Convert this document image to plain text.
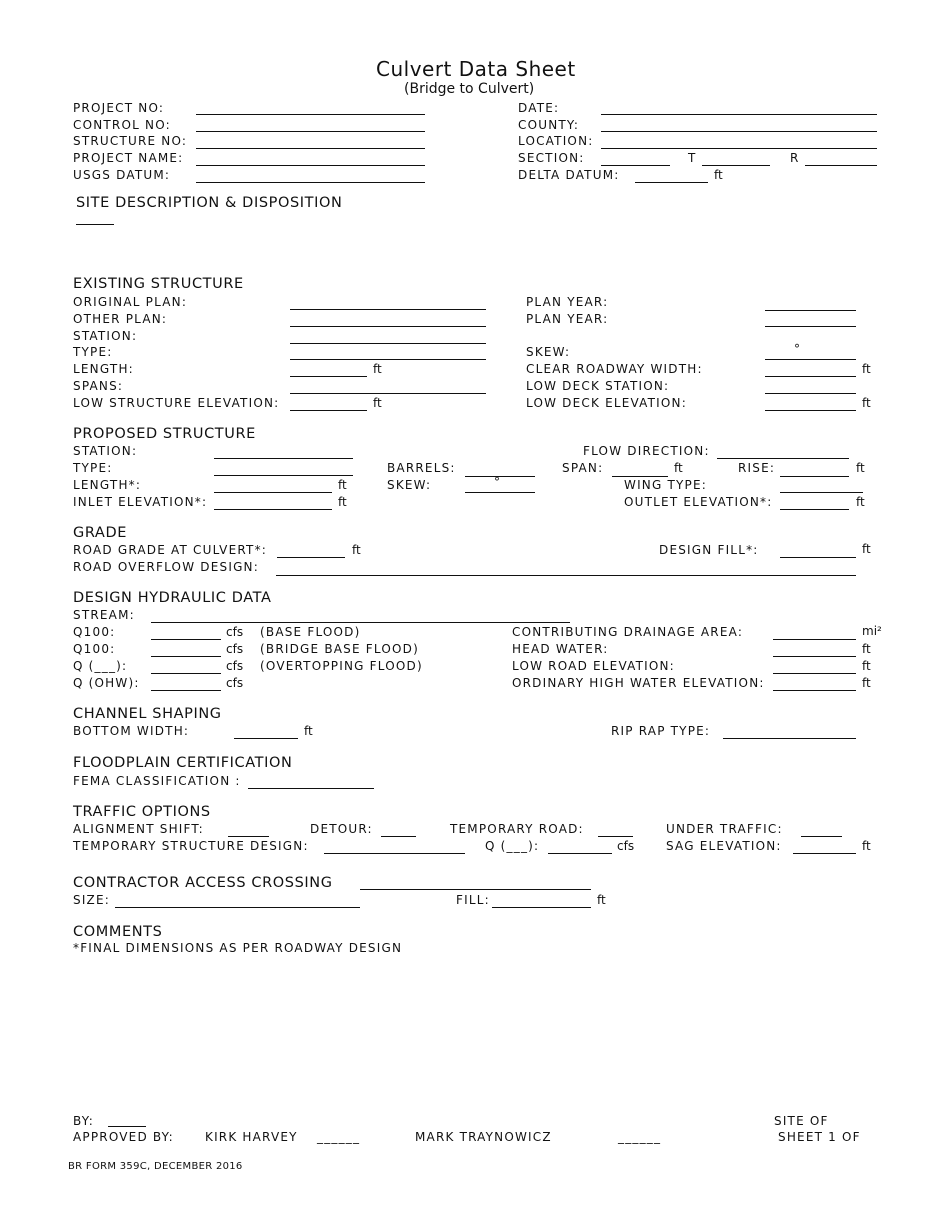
Culvert Data Sheet
(Bridge to Culvert)
PROJECT NO:
CONTROL NO:
STRUCTURE NO:
PROJECT NAME:
USGS DATUM:
DATE:
COUNTY:
LOCATION:
SECTION:	T	R
DELTA DATUM:	ft
SITE DESCRIPTION & DISPOSITION
EXISTING STRUCTURE
ORIGINAL PLAN:
OTHER PLAN:
STATION:
TYPE:
LENGTH:	ft
SPANS:
LOW STRUCTURE ELEVATION:	ft
PLAN YEAR:
PLAN YEAR:
SKEW:	°
CLEAR ROADWAY WIDTH:	ft
LOW DECK STATION:
LOW DECK ELEVATION:	ft
PROPOSED STRUCTURE
STATION:
TYPE:
LENGTH*:	ft
INLET ELEVATION*:	ft
BARRELS:
SKEW:	°
FLOW DIRECTION:
SPAN:	ft	RISE:	ft
WING TYPE:
OUTLET ELEVATION*:	ft
GRADE
ROAD GRADE AT CULVERT*:	ft
ROAD OVERFLOW DESIGN:
DESIGN FILL*:	ft
DESIGN HYDRAULIC DATA
STREAM:
Q100:	cfs (BASE FLOOD)
Q100:	cfs (BRIDGE BASE FLOOD)
Q (___):	cfs (OVERTOPPING FLOOD)
Q (OHW):	cfs
CONTRIBUTING DRAINAGE AREA:	mi²
HEAD WATER:	ft
LOW ROAD ELEVATION:	ft
ORDINARY HIGH WATER ELEVATION:	ft
CHANNEL SHAPING
BOTTOM WIDTH:	ft	RIP RAP TYPE:
FLOODPLAIN CERTIFICATION
FEMA CLASSIFICATION :
TRAFFIC OPTIONS
ALIGNMENT SHIFT:	DETOUR:	TEMPORARY ROAD:	UNDER TRAFFIC:
TEMPORARY STRUCTURE DESIGN:	Q (___):	cfs	SAG ELEVATION:	ft
CONTRACTOR ACCESS CROSSING
SIZE:	FILL:	ft
COMMENTS
*FINAL DIMENSIONS AS PER ROADWAY DESIGN
BY:
APPROVED BY:	KIRK HARVEY ______	MARK TRAYNOWICZ	______
SITE OF
SHEET 1 OF
BR FORM 359C, DECEMBER 2016
